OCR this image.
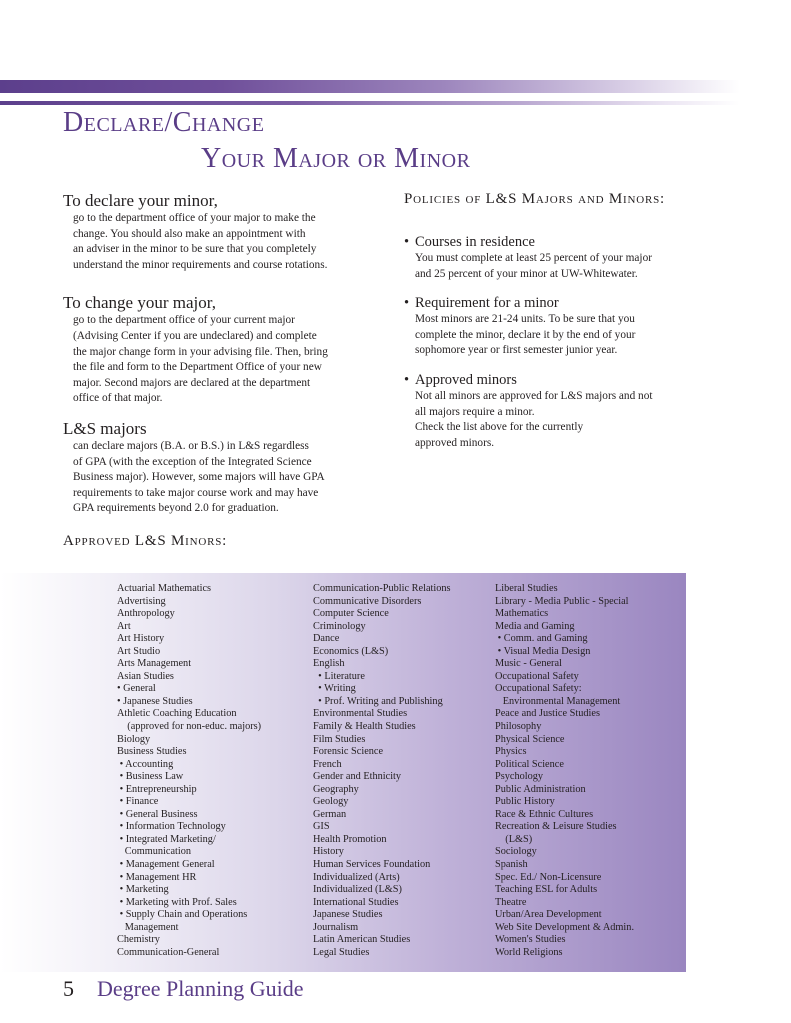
Declare/Change
Your Major or Minor
To declare your minor,
go to the department office of your major to make the
change. You should also make an appointment with
an adviser in the minor to be sure that you completely
understand the minor requirements and course rotations.
To change your major,
go to the department office of your current major
(Advising Center if you are undeclared) and complete
the major change form in your advising file. Then, bring
the file and form to the Department Office of your new
major. Second majors are declared at the department
office of that major.
L&S majors
can declare majors (B.A. or B.S.) in L&S regardless
of GPA (with the exception of the Integrated Science
Business major). However, some majors will have GPA
requirements to take major course work and may have
GPA requirements beyond 2.0 for graduation.
Policies of L&S Majors and Minors:
• Courses in residence
You must complete at least 25 percent of your major
and 25 percent of your minor at UW-Whitewater.
• Requirement for a minor
Most minors are 21-24 units. To be sure that you
complete the minor, declare it by the end of your
sophomore year or first semester junior year.
• Approved minors
Not all minors are approved for L&S majors and not
all majors require a minor.
Check the list above for the currently
approved minors.
Approved L&S Minors:
Actuarial Mathematics
Advertising
Anthropology
Art
Art History
Art Studio
Arts Management
Asian Studies
• General
• Japanese Studies
Athletic Coaching Education
(approved for non-educ. majors)
Biology
Business Studies
• Accounting
• Business Law
• Entrepreneurship
• Finance
• General Business
• Information Technology
• Integrated Marketing/
Communication
• Management General
• Management HR
• Marketing
• Marketing with Prof. Sales
• Supply Chain and Operations
Management
Chemistry
Communication-General
Communication-Public Relations
Communicative Disorders
Computer Science
Criminology
Dance
Economics (L&S)
English
• Literature
• Writing
• Prof. Writing and Publishing
Environmental Studies
Family & Health Studies
Film Studies
Forensic Science
French
Gender and Ethnicity
Geography
Geology
German
GIS
Health Promotion
History
Human Services Foundation
Individualized (Arts)
Individualized (L&S)
International Studies
Japanese Studies
Journalism
Latin American Studies
Legal Studies
Liberal Studies
Library - Media Public - Special
Mathematics
Media and Gaming
• Comm. and Gaming
• Visual Media Design
Music - General
Occupational Safety
Occupational Safety:
Environmental Management
Peace and Justice Studies
Philosophy
Physical Science
Physics
Political Science
Psychology
Public Administration
Public History
Race & Ethnic Cultures
Recreation & Leisure Studies
(L&S)
Sociology
Spanish
Spec. Ed./ Non-Licensure
Teaching ESL for Adults
Theatre
Urban/Area Development
Web Site Development & Admin.
Women's Studies
World Religions
5	Degree Planning Guide
